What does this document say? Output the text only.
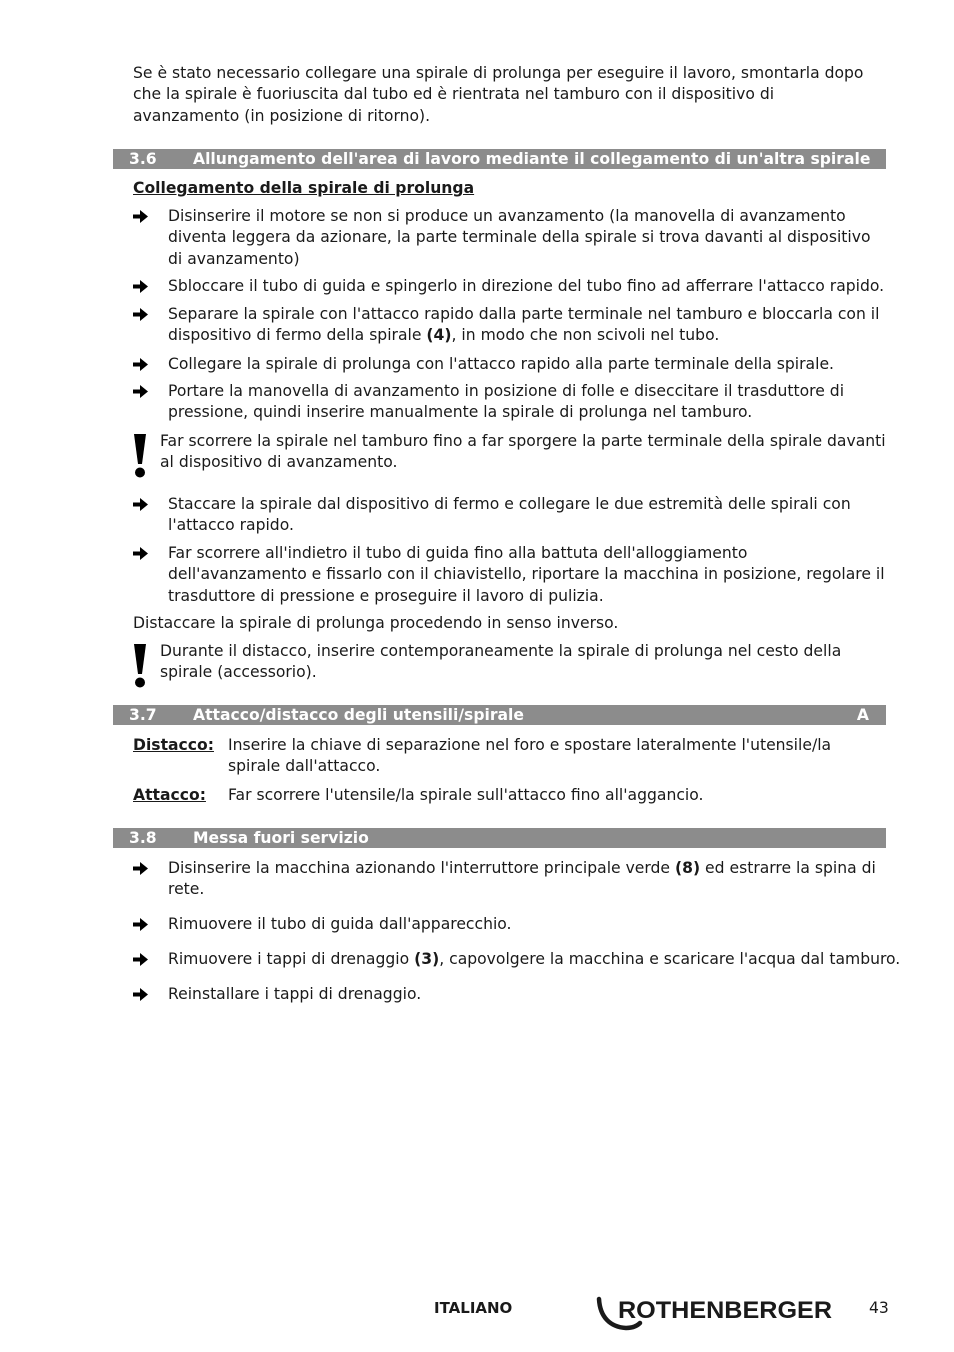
Se è stato necessario collegare una spirale di prolunga per eseguire il lavoro, smontarla dopo che la spirale è fuoriuscita dal tubo ed è rientrata nel tamburo con il dispositivo di avanzamento (in posizione di ritorno).
3.6 Allungamento dell'area di lavoro mediante il collegamento di un'altra spirale
Collegamento della spirale di prolunga
Disinserire il motore se non si produce un avanzamento (la manovella di avanzamento diventa leggera da azionare, la parte terminale della spirale si trova davanti al dispositivo di avanzamento)
Sbloccare il tubo di guida e spingerlo in direzione del tubo fino ad afferrare l'attacco rapido.
Separare la spirale con l'attacco rapido dalla parte terminale nel tamburo e bloccarla con il dispositivo di fermo della spirale (4), in modo che non scivoli nel tubo.
Collegare la spirale di prolunga con l'attacco rapido alla parte terminale della spirale.
Portare la manovella di avanzamento in posizione di folle e diseccitare il trasduttore di pressione, quindi inserire manualmente la spirale di prolunga nel tamburo.
Far scorrere la spirale nel tamburo fino a far sporgere la parte terminale della spirale davanti al dispositivo di avanzamento.
Staccare la spirale dal dispositivo di fermo e collegare le due estremità delle spirali con l'attacco rapido.
Far scorrere all'indietro il tubo di guida fino alla battuta dell'alloggiamento dell'avanzamento e fissarlo con il chiavistello, riportare la macchina in posizione, regolare il trasduttore di pressione e proseguire il lavoro di pulizia.
Distaccare la spirale di prolunga procedendo in senso inverso.
Durante il distacco, inserire contemporaneamente la spirale di prolunga nel cesto della spirale (accessorio).
3.7 Attacco/distacco degli utensili/spirale	A
Distacco: Inserire la chiave di separazione nel foro e spostare lateralmente l'utensile/la spirale dall'attacco.
Attacco: Far scorrere l'utensile/la spirale sull'attacco fino all'aggancio.
3.8 Messa fuori servizio
Disinserire la macchina azionando l'interruttore principale verde (8) ed estrarre la spina di rete.
Rimuovere il tubo di guida dall'apparecchio.
Rimuovere i tappi di drenaggio (3), capovolgere la macchina e scaricare l'acqua dal tamburo.
Reinstallare i tappi di drenaggio.
ITALIANO	ROTHENBERGER 43
